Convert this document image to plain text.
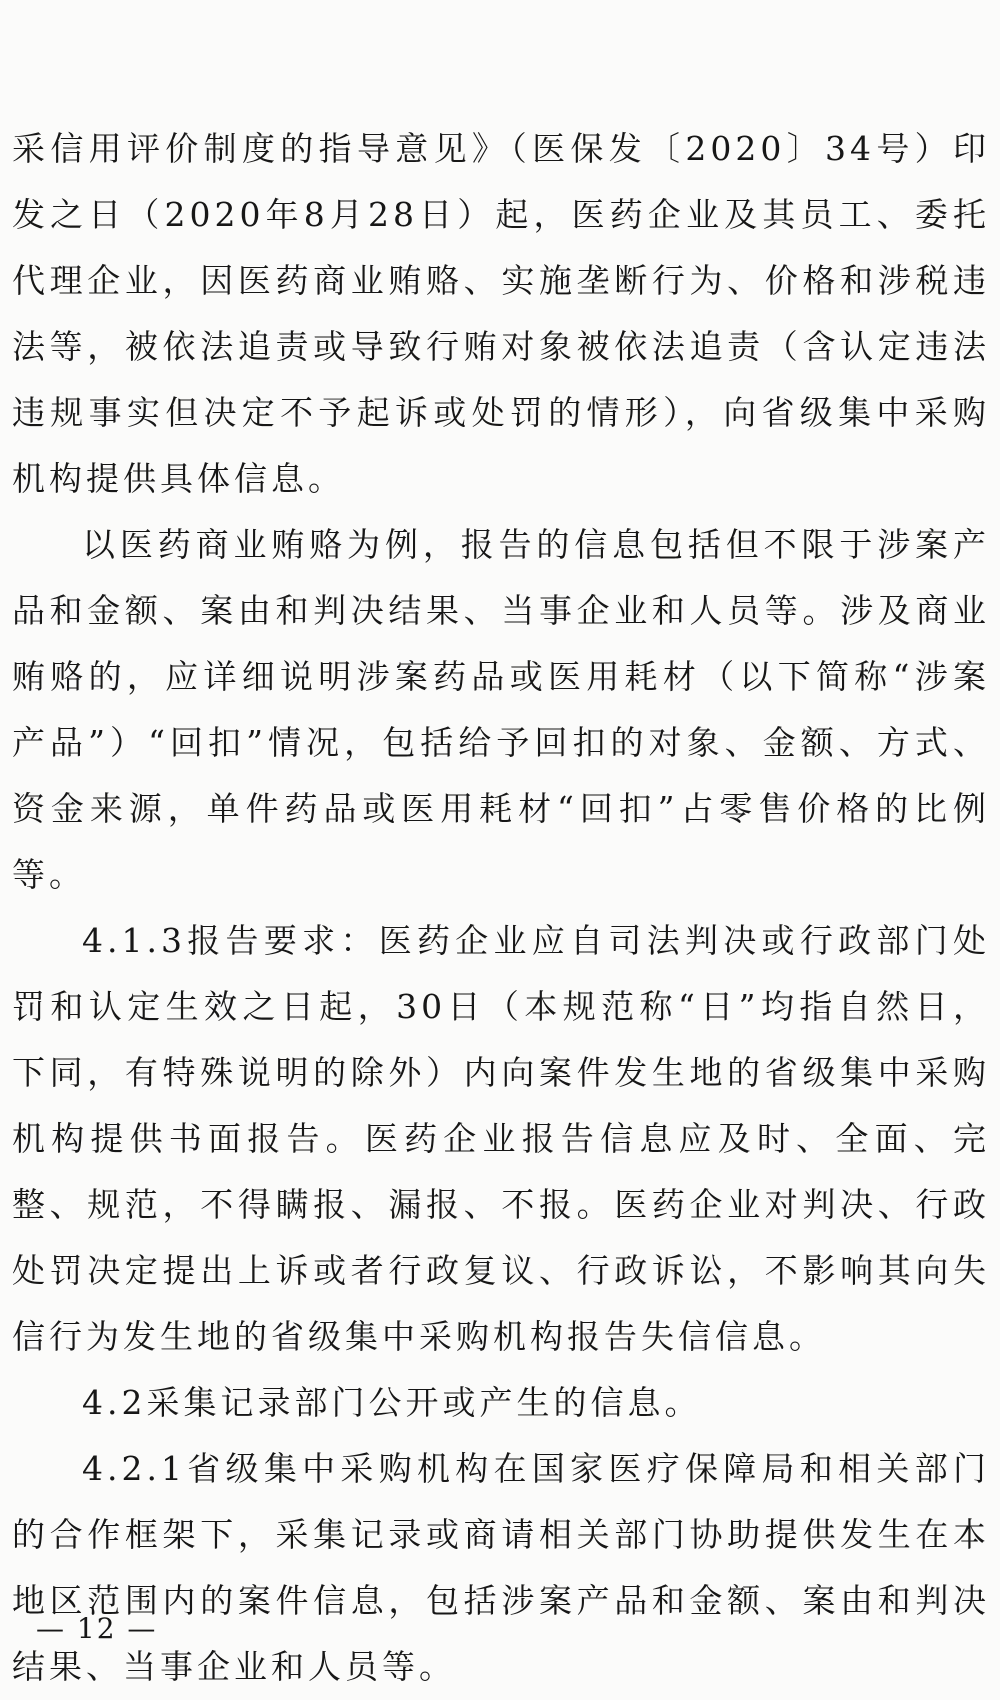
采信用评价制度的指导意见》（医保发〔2020〕34号）印发之日（2020年8月28日）起，医药企业及其员工、委托代理企业，因医药商业贿赂、实施垄断行为、价格和涉税违法等，被依法追责或导致行贿对象被依法追责（含认定违法违规事实但决定不予起诉或处罚的情形），向省级集中采购机构提供具体信息。

以医药商业贿赂为例，报告的信息包括但不限于涉案产品和金额、案由和判决结果、当事企业和人员等。涉及商业贿赂的，应详细说明涉案药品或医用耗材（以下简称“涉案产品”）“回扣”情况，包括给予回扣的对象、金额、方式、资金来源，单件药品或医用耗材“回扣”占零售价格的比例等。

4.1.3报告要求：医药企业应自司法判决或行政部门处罚和认定生效之日起，30日（本规范称“日”均指自然日，下同，有特殊说明的除外）内向案件发生地的省级集中采购机构提供书面报告。医药企业报告信息应及时、全面、完整、规范，不得瞒报、漏报、不报。医药企业对判决、行政处罚决定提出上诉或者行政复议、行政诉讼，不影响其向失信行为发生地的省级集中采购机构报告失信信息。

4.2采集记录部门公开或产生的信息。

4.2.1省级集中采购机构在国家医疗保障局和相关部门的合作框架下，采集记录或商请相关部门协助提供发生在本地区范围内的案件信息，包括涉案产品和金额、案由和判决结果、当事企业和人员等。

— 12 —
